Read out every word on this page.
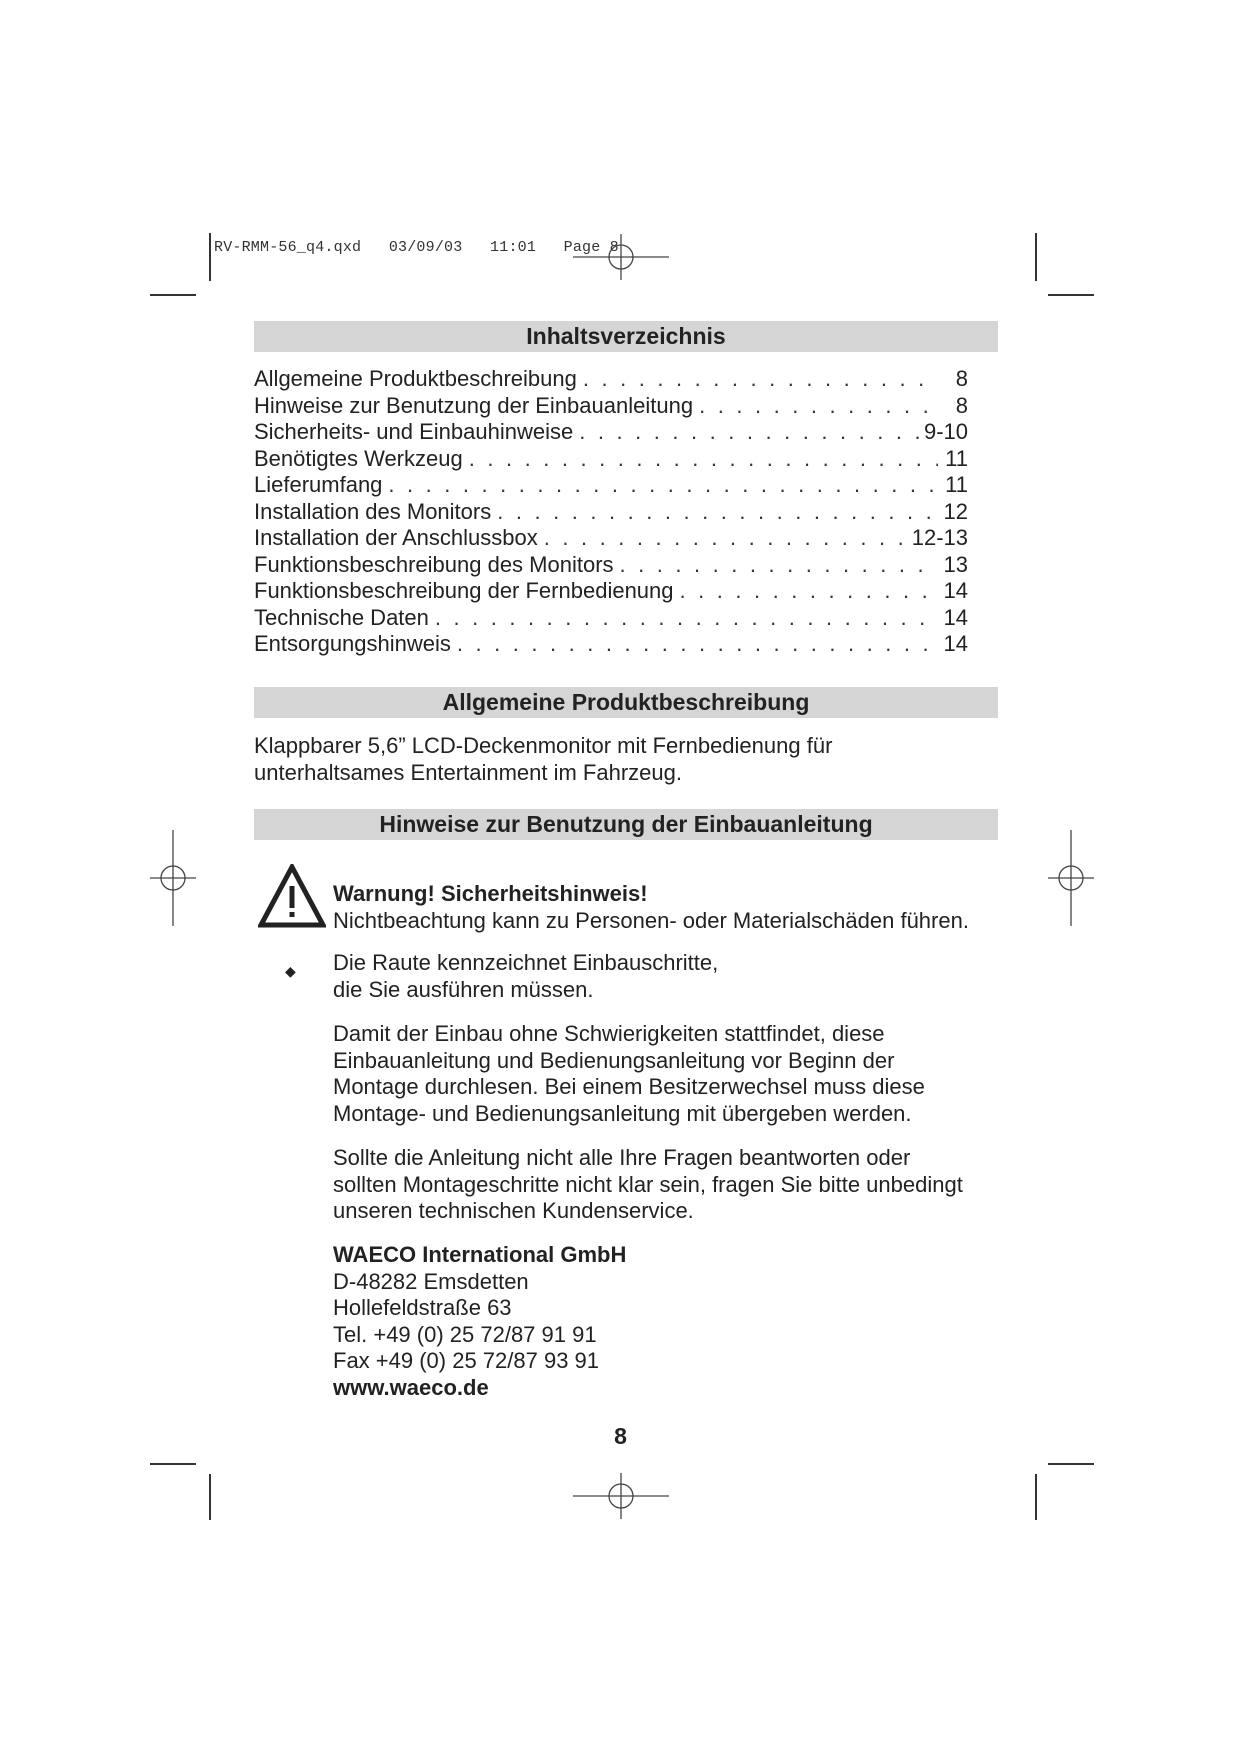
RV-RMM-56_q4.qxd   03/09/03   11:01   Page 8
Inhaltsverzeichnis
Allgemeine Produktbeschreibung . . .	8
Hinweise zur Benutzung der Einbauanleitung . . .	8
Sicherheits- und Einbauhinweise . . .	9-10
Benötigtes Werkzeug . . .	11
Lieferumfang . . .	11
Installation des Monitors . . .	12
Installation der Anschlussbox . . .	12-13
Funktionsbeschreibung des Monitors . . .	13
Funktionsbeschreibung der Fernbedienung . . .	14
Technische Daten . . .	14
Entsorgungshinweis . . .	14
Allgemeine Produktbeschreibung
Klappbarer 5,6” LCD-Deckenmonitor mit Fernbedienung für
unterhaltsames Entertainment im Fahrzeug.
Hinweise zur Benutzung der Einbauanleitung
Warnung! Sicherheitshinweis!
Nichtbeachtung kann zu Personen- oder Materialschäden führen.
◆ Die Raute kennzeichnet Einbauschritte,
die Sie ausführen müssen.
Damit der Einbau ohne Schwierigkeiten stattfindet, diese
Einbauanleitung und Bedienungsanleitung vor Beginn der
Montage durchlesen. Bei einem Besitzerwechsel muss diese
Montage- und Bedienungsanleitung mit übergeben werden.
Sollte die Anleitung nicht alle Ihre Fragen beantworten oder
sollten Montageschritte nicht klar sein, fragen Sie bitte unbedingt
unseren technischen Kundenservice.
WAECO International GmbH
D-48282 Emsdetten
Hollefeldstraße 63
Tel. +49 (0) 25 72/87 91 91
Fax +49 (0) 25 72/87 93 91
www.waeco.de
8
